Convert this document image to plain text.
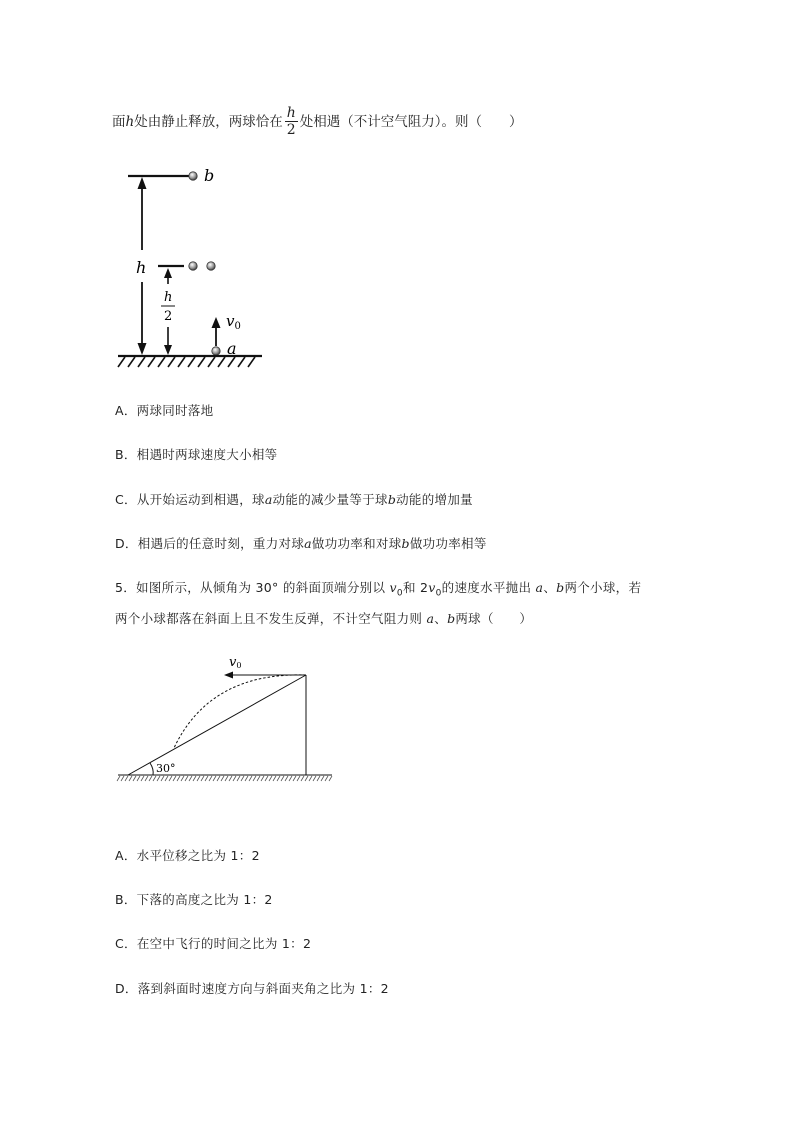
面h处由静止释放，两球恰在 $\frac{h}{2}$ 处相遇（不计空气阻力）。则（　　）
b
h
h
2	$v_0$
a
A．两球同时落地
B．相遇时两球速度大小相等
C．从开始运动到相遇，球a动能的减少量等于球b动能的增加量
D．相遇后的任意时刻，重力对球a做功功率和对球b做功功率相等
5．如图所示，从倾角为 30° 的斜面顶端分别以 $v_0$和 $2v_0$的速度水平抛出 a、b两个小球，若
两个小球都落在斜面上且不发生反弹，不计空气阻力则 a、b两球（　　）
v0
30°
A．水平位移之比为 1：2
B．下落的高度之比为 1：2
C．在空中飞行的时间之比为 1：2
D．落到斜面时速度方向与斜面夹角之比为 1：2
